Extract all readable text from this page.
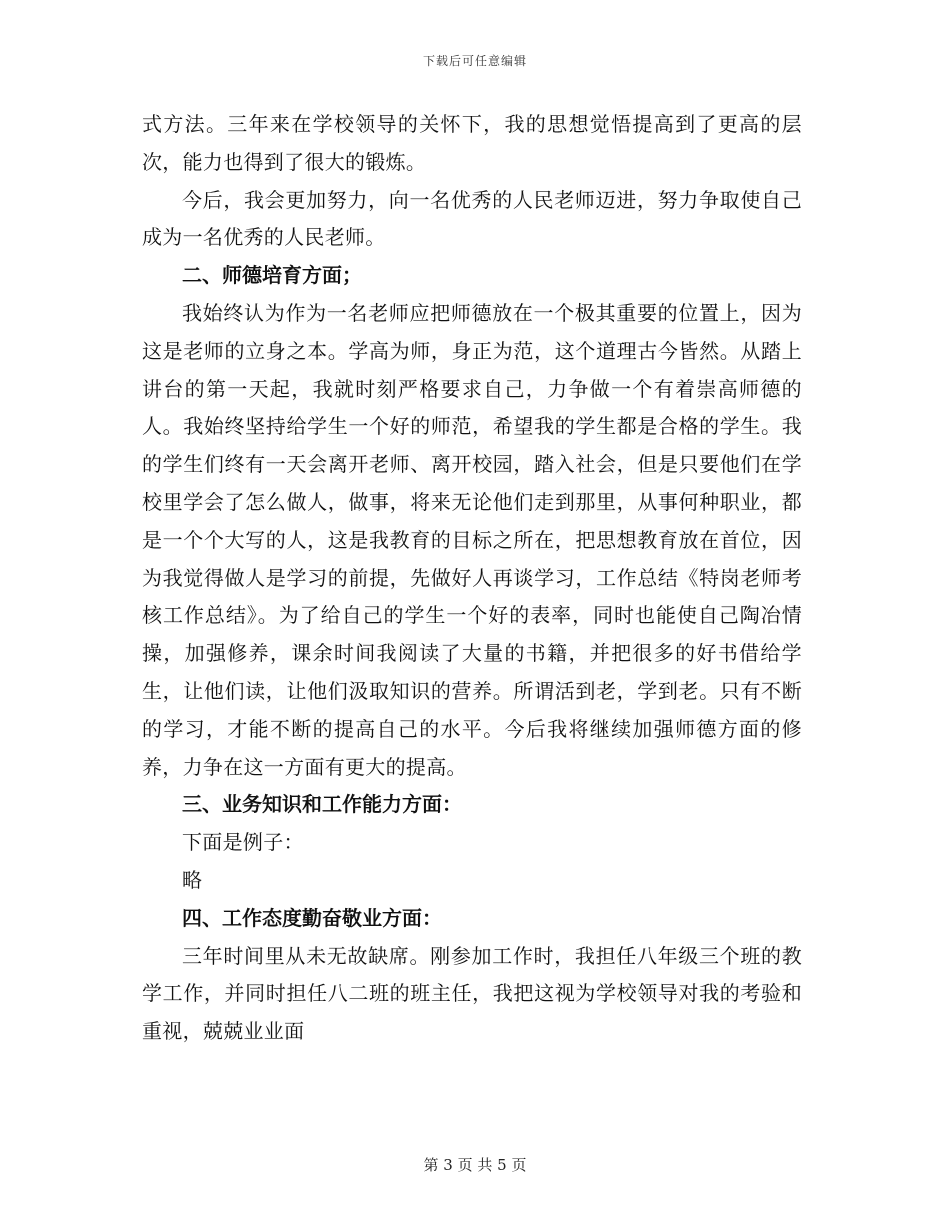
下载后可任意编辑

式方法。三年来在学校领导的关怀下，我的思想觉悟提高到了更高的层次，能力也得到了很大的锻炼。

今后，我会更加努力，向一名优秀的人民老师迈进，努力争取使自己成为一名优秀的人民老师。

二、师德培育方面；

我始终认为作为一名老师应把师德放在一个极其重要的位置上，因为这是老师的立身之本。学高为师，身正为范，这个道理古今皆然。从踏上讲台的第一天起，我就时刻严格要求自己，力争做一个有着崇高师德的人。我始终坚持给学生一个好的师范，希望我的学生都是合格的学生。我的学生们终有一天会离开老师、离开校园，踏入社会，但是只要他们在学校里学会了怎么做人，做事，将来无论他们走到那里，从事何种职业，都是一个个大写的人，这是我教育的目标之所在，把思想教育放在首位，因为我觉得做人是学习的前提，先做好人再谈学习，工作总结《特岗老师考核工作总结》。为了给自己的学生一个好的表率，同时也能使自己陶冶情操，加强修养，课余时间我阅读了大量的书籍，并把很多的好书借给学生，让他们读，让他们汲取知识的营养。所谓活到老，学到老。只有不断的学习，才能不断的提高自己的水平。今后我将继续加强师德方面的修养，力争在这一方面有更大的提高。

三、业务知识和工作能力方面：

下面是例子：

略

四、工作态度勤奋敬业方面：

三年时间里从未无故缺席。刚参加工作时，我担任八年级三个班的教学工作，并同时担任八二班的班主任，我把这视为学校领导对我的考验和重视，兢兢业业面

第 3 页 共 5 页
